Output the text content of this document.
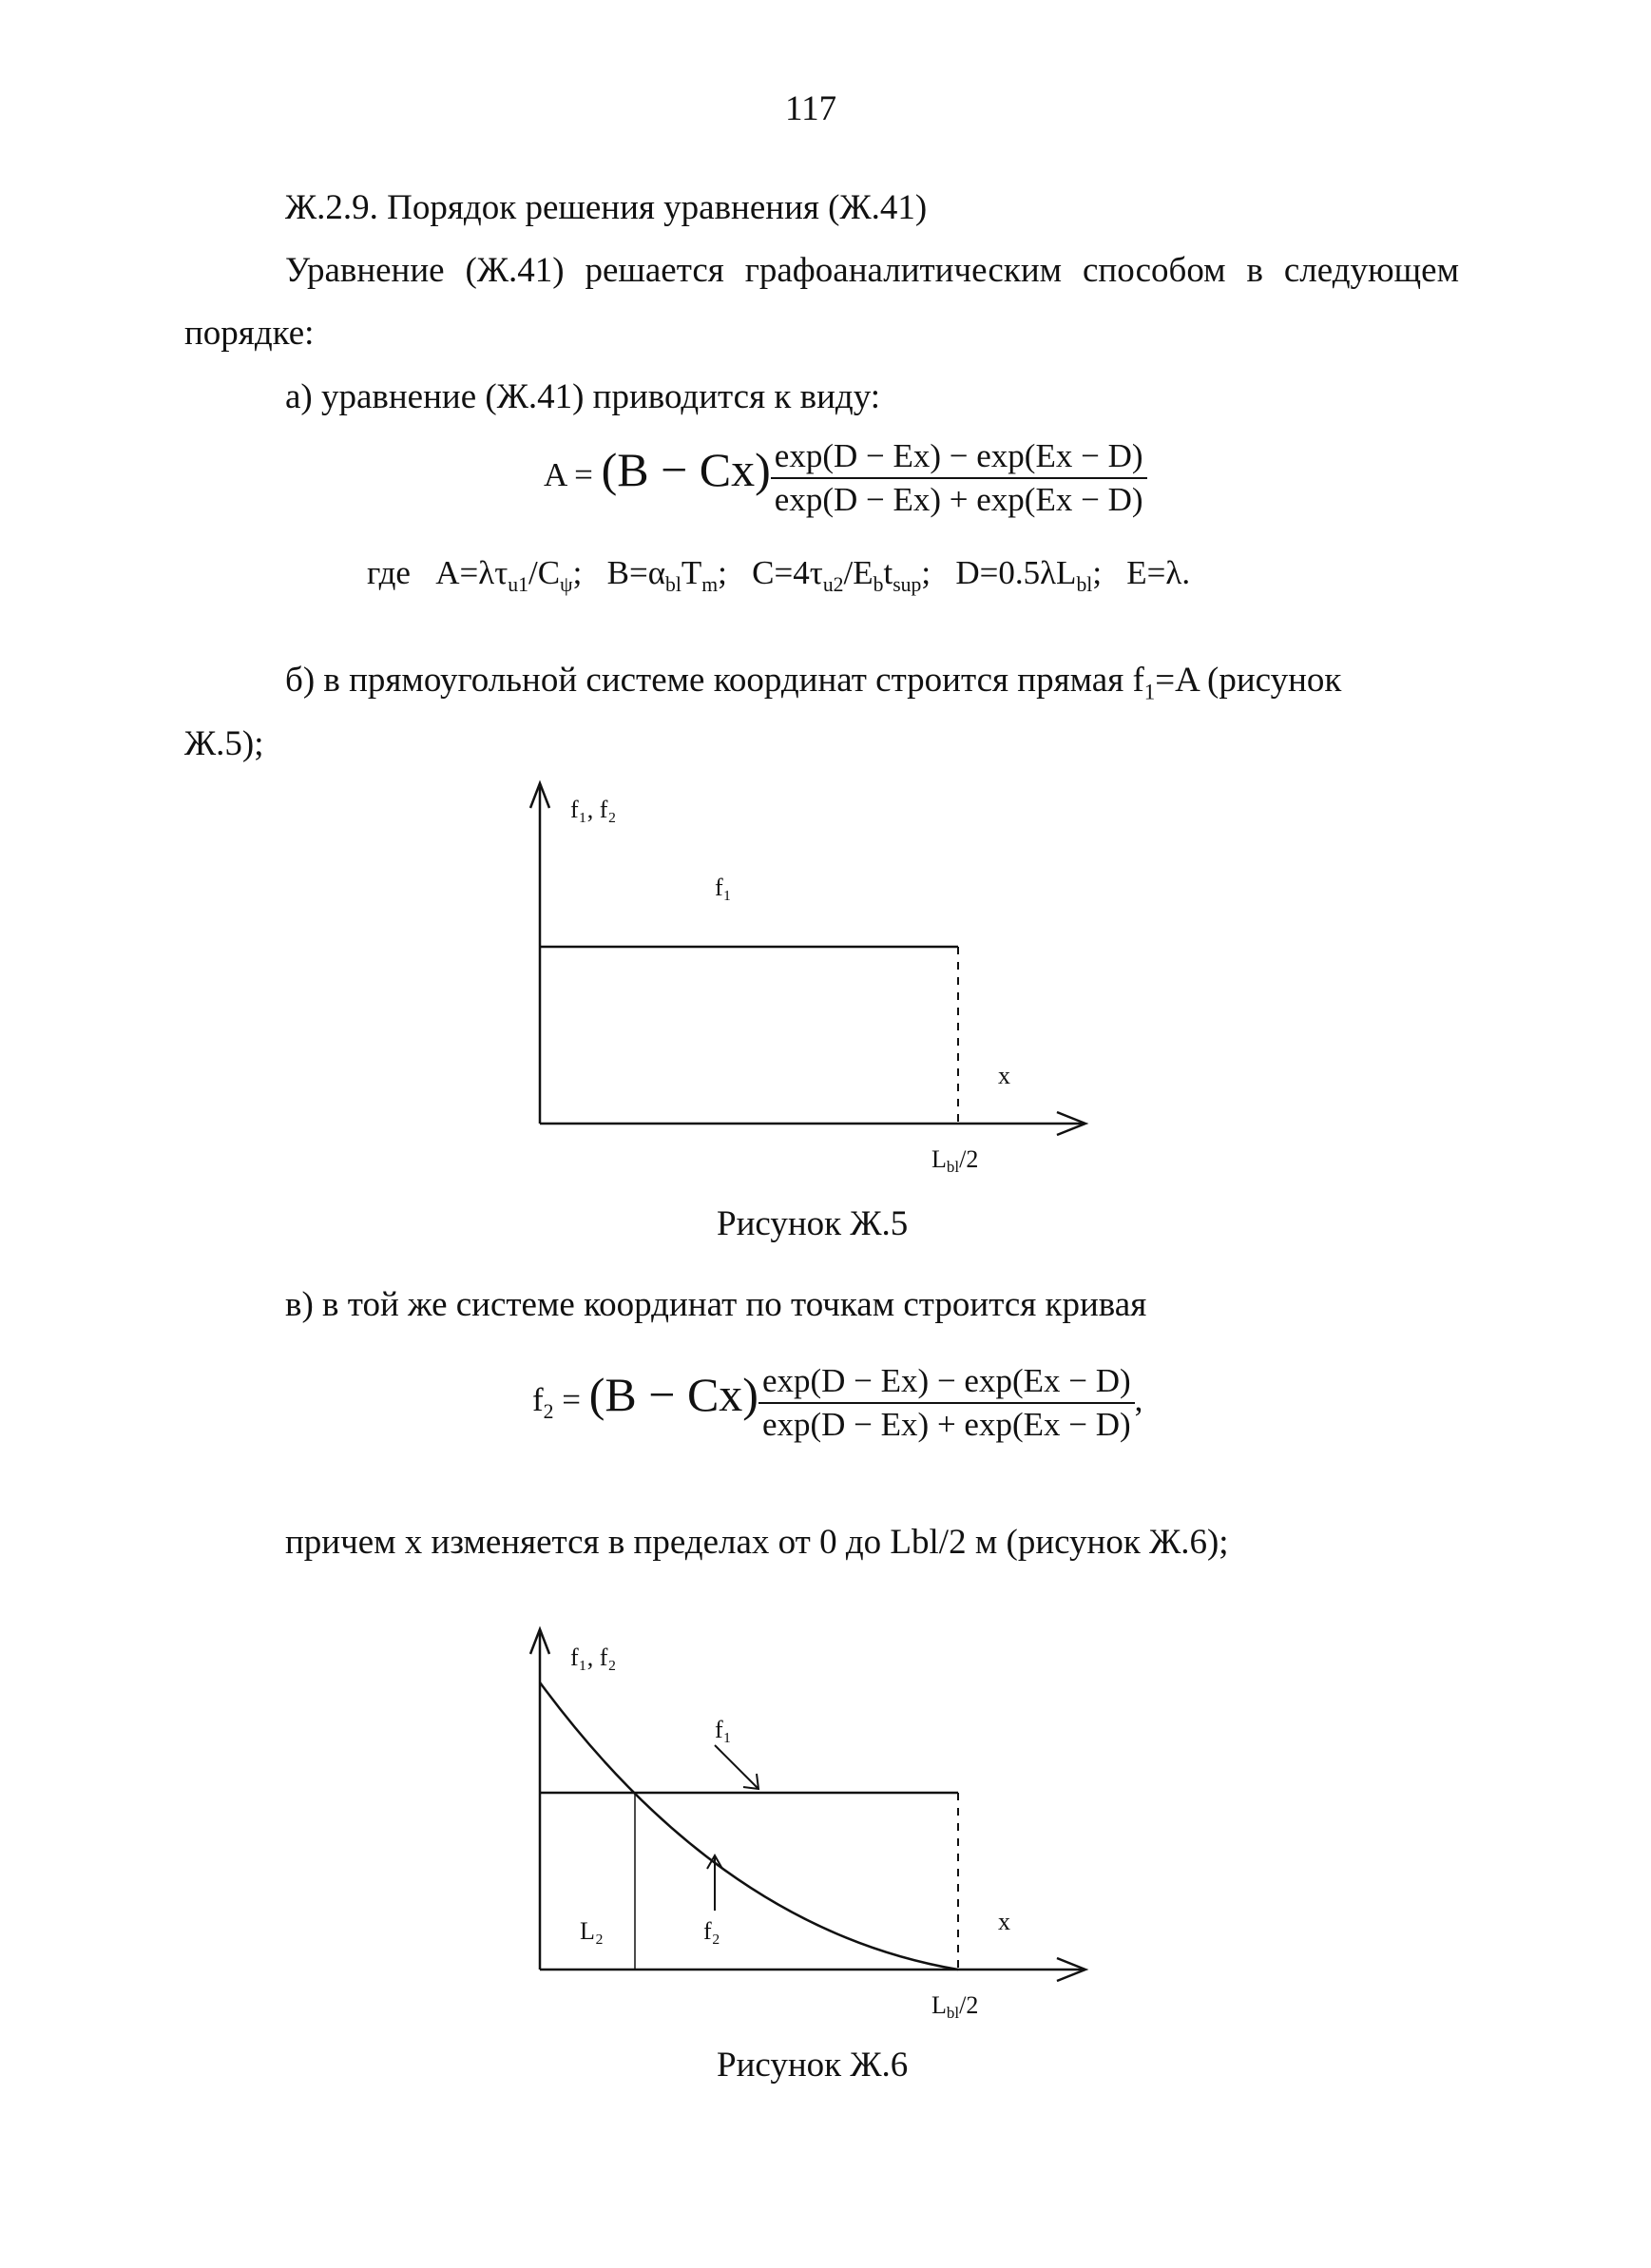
117
Ж.2.9. Порядок решения уравнения (Ж.41)
Уравнение (Ж.41) решается графоаналитическим способом в следующем
порядке:
а) уравнение (Ж.41) приводится к виду:
$A = (B - Cx) \frac{\exp(D - Ex) - \exp(Ex - D)}{\exp(D - Ex) + \exp(Ex - D)}$
где $A=\lambda\tau_{u1}/C_\psi$; $B=\alpha_{bl}T_m$; $C=4\tau_{u2}/E_bt_{sup}$; $D=0.5\lambda L_{bl}$; E=λ.
б) в прямоугольной системе координат строится прямая $f_1=A$ (рисунок
Ж.5);
f₁, f₂
f₁
x
Lbl/2
Рисунок Ж.5
в) в той же системе координат по точкам строится кривая
$f_2 = (B - Cx) \frac{\exp(D - Ex) - \exp(Ex - D)}{\exp(D - Ex) + \exp(Ex - D)}$ ,
причем x изменяется в пределах от 0 до Lbl/2 м (рисунок Ж.6);
f₁, f₂
f₁
f₂
L₂	x
Lbl/2
Рисунок Ж.6
